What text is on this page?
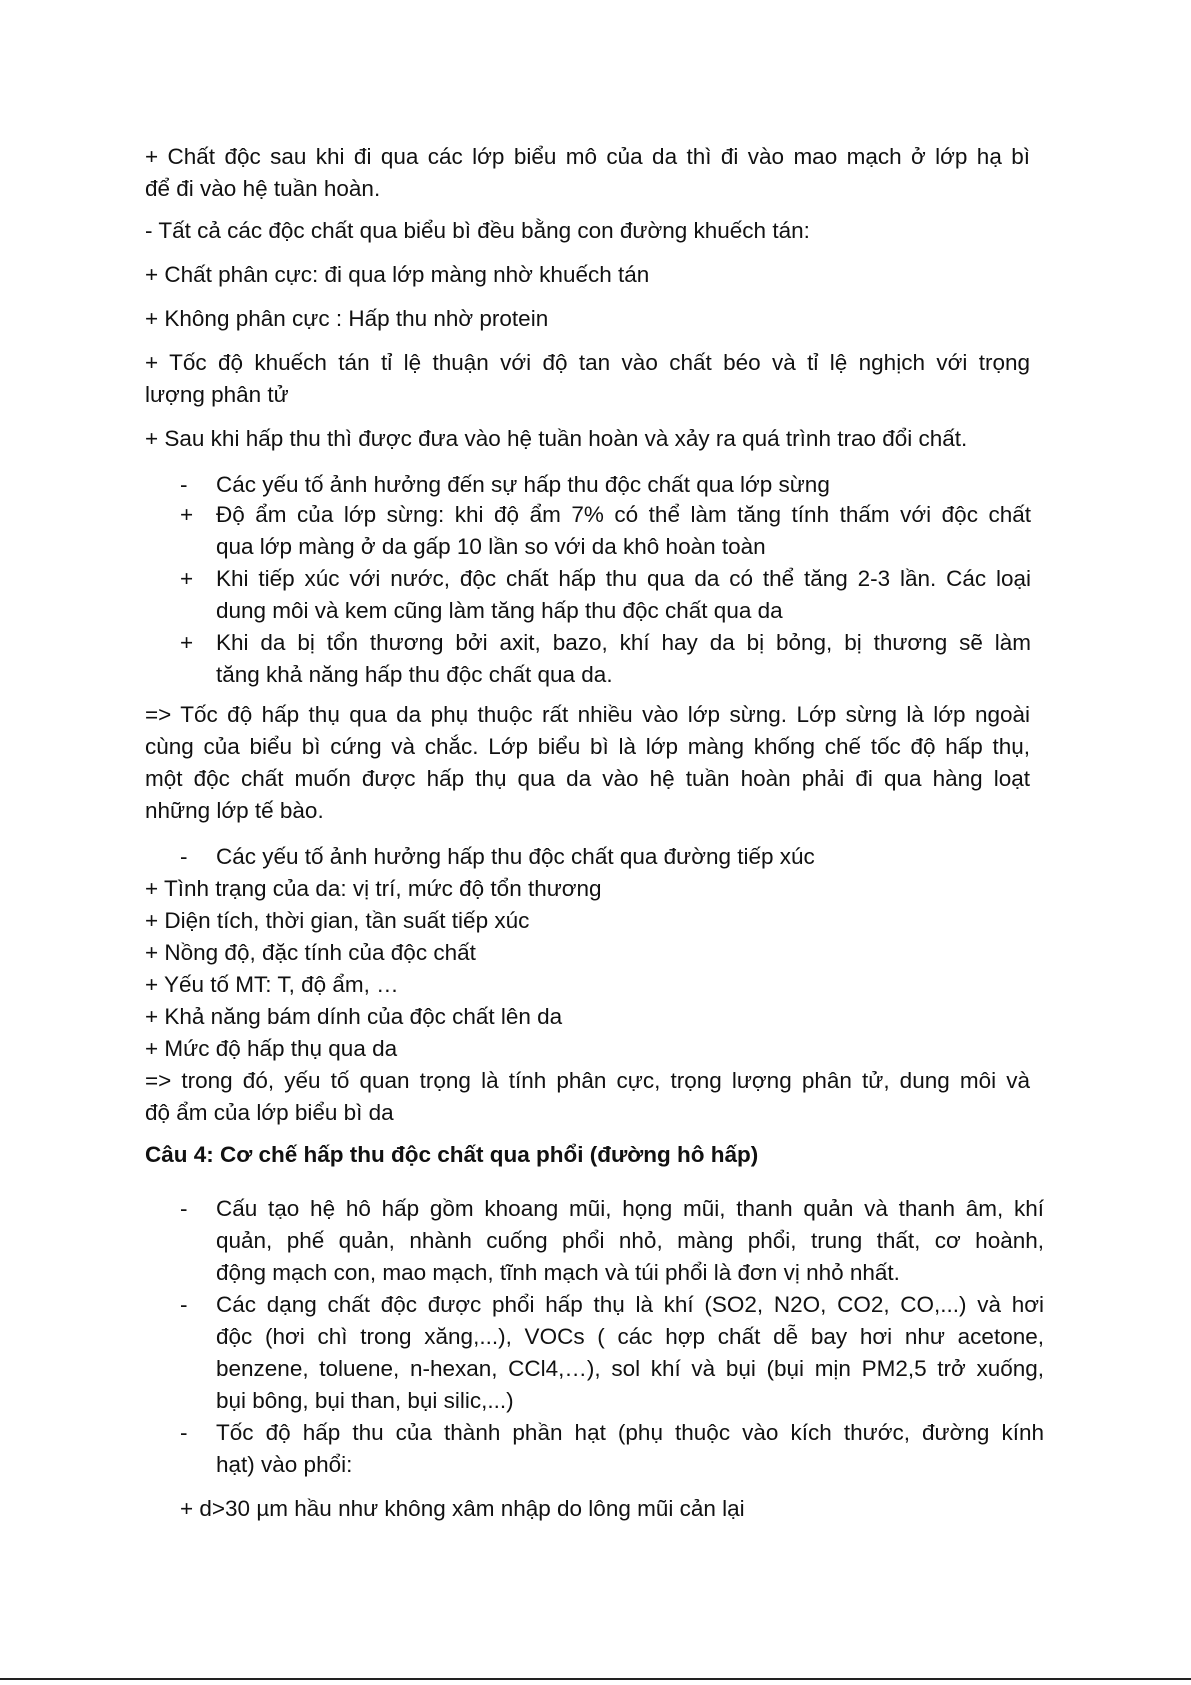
+ Chất độc sau khi đi qua các lớp biểu mô của da thì đi vào mao mạch ở lớp hạ bì

để đi vào hệ tuần hoàn.

- Tất cả các độc chất qua biểu bì đều bằng con đường khuếch tán:

+ Chất phân cực: đi qua lớp màng nhờ khuếch tán

+ Không phân cực : Hấp thu nhờ protein

+ Tốc độ khuếch tán tỉ lệ thuận với độ tan vào chất béo và tỉ lệ nghịch với trọng

lượng phân tử

+ Sau khi hấp thu thì được đưa vào hệ tuần hoàn và xảy ra quá trình trao đổi chất.

- Các yếu tố ảnh hưởng đến sự hấp thu độc chất qua lớp sừng

+ Độ ẩm của lớp sừng: khi độ ẩm 7% có thể làm tăng tính thấm với độc chất

qua lớp màng ở da gấp 10 lần so với da khô hoàn toàn

+ Khi tiếp xúc với nước, độc chất hấp thu qua da có thể tăng 2-3 lần. Các loại

dung môi và kem cũng làm tăng hấp thu độc chất qua da

+ Khi da bị tổn thương bởi axit, bazo, khí hay da bị bỏng, bị thương sẽ làm

tăng khả năng hấp thu độc chất qua da.

=> Tốc độ hấp thụ qua da phụ thuộc rất nhiều vào lớp sừng. Lớp sừng là lớp ngoài

cùng của biểu bì cứng và chắc. Lớp biểu bì là lớp màng khống chế tốc độ hấp thụ,

một độc chất muốn được hấp thụ qua da vào hệ tuần hoàn phải đi qua hàng loạt

những lớp tế bào.

- Các yếu tố ảnh hưởng hấp thu độc chất qua đường tiếp xúc

+ Tình trạng của da: vị trí, mức độ tổn thương

+ Diện tích, thời gian, tần suất tiếp xúc

+ Nồng độ, đặc tính của độc chất

+ Yếu tố MT: T, độ ẩm, …

+ Khả năng bám dính của độc chất lên da

+ Mức độ hấp thụ qua da

=> trong đó, yếu tố quan trọng là tính phân cực, trọng lượng phân tử, dung môi và

độ ẩm của lớp biểu bì da

Câu 4: Cơ chế hấp thu độc chất qua phổi (đường hô hấp)

- Cấu tạo hệ hô hấp gồm khoang mũi, họng mũi, thanh quản và thanh âm, khí

quản, phế quản, nhành cuống phổi nhỏ, màng phổi, trung thất, cơ hoành,

động mạch con, mao mạch, tĩnh mạch và túi phổi là đơn vị nhỏ nhất.

- Các dạng chất độc được phổi hấp thụ là khí (SO2, N2O, CO2, CO,...) và hơi

độc (hơi chì trong xăng,...), VOCs ( các hợp chất dễ bay hơi như acetone,

benzene, toluene, n-hexan, CCl4,…), sol khí và bụi (bụi mịn PM2,5 trở xuống,

bụi bông, bụi than, bụi silic,...)

- Tốc độ hấp thu của thành phần hạt (phụ thuộc vào kích thước, đường kính

hạt) vào phổi:

+ d>30 µm hầu như không xâm nhập do lông mũi cản lại
